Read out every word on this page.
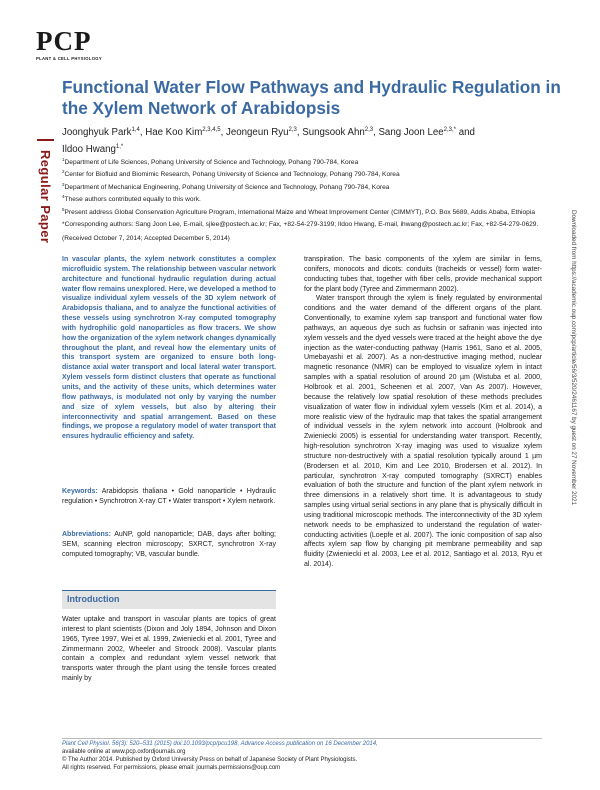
PCP
PLANT & CELL PHYSIOLOGY
Regular Paper
Downloaded from https://academic.oup.com/pcp/article/56/3/520/2461167 by guest on 27 November 2021
Functional Water Flow Pathways and Hydraulic Regulation in the Xylem Network of Arabidopsis
Joonghyuk Park$^{1,4}$, Hae Koo Kim$^{2,3,4,5}$, Jeongeun Ryu$^{2,3}$, Sungsook Ahn$^{2,3}$, Sang Joon Lee$^{2,3,*}$ and
Ildoo Hwang$^{1,*}$
$^1$Department of Life Sciences, Pohang University of Science and Technology, Pohang 790-784, Korea
$^2$Center for Biofluid and Biomimic Research, Pohang University of Science and Technology, Pohang 790-784, Korea
$^3$Department of Mechanical Engineering, Pohang University of Science and Technology, Pohang 790-784, Korea
$^4$These authors contributed equally to this work.
$^5$Present address Global Conservation Agriculture Program, International Maize and Wheat Improvement Center (CIMMYT), P.O. Box 5689, Addis Ababa, Ethiopia
*Corresponding authors: Sang Joon Lee, E-mail, sjlee@postech.ac.kr; Fax, +82-54-279-3199; Ildoo Hwang, E-mail, ihwang@postech.ac.kr; Fax, +82-54-279-0629.
(Received October 7, 2014; Accepted December 5, 2014)
In vascular plants, the xylem network constitutes a complex microfluidic system. The relationship between vascular network architecture and functional hydraulic regulation during actual water flow remains unexplored. Here, we developed a method to visualize individual xylem vessels of the 3D xylem network of Arabidopsis thaliana, and to analyze the functional activities of these vessels using synchrotron X-ray computed tomography with hydrophilic gold nanoparticles as flow tracers. We show how the organization of the xylem network changes dynamically throughout the plant, and reveal how the elementary units of this transport system are organized to ensure both long-distance axial water transport and local lateral water transport. Xylem vessels form distinct clusters that operate as functional units, and the activity of these units, which determines water flow pathways, is modulated not only by varying the number and size of xylem vessels, but also by altering their interconnectivity and spatial arrangement. Based on these findings, we propose a regulatory model of water transport that ensures hydraulic efficiency and safety.
Keywords: Arabidopsis thaliana • Gold nanoparticle • Hydraulic regulation • Synchrotron X-ray CT • Water transport • Xylem network.
Abbreviations: AuNP, gold nanoparticle; DAB, days after bolting; SEM, scanning electron microscopy; SXRCT, synchrotron X-ray computed tomography; VB, vascular bundle.
Introduction
Water uptake and transport in vascular plants are topics of great interest to plant scientists (Dixon and Joly 1894, Johnson and Dixon 1965, Tyree 1997, Wei et al. 1999, Zwieniecki et al. 2001, Tyree and Zimmermann 2002, Wheeler and Stroock 2008). Vascular plants contain a complex and redundant xylem vessel network that transports water through the plant using the tensile forces created mainly by

transpiration. The basic components of the xylem are similar in ferns, conifers, monocots and dicots: conduits (tracheids or vessel) form water-conducting tubes that, together with fiber cells, provide mechanical support for the plant body (Tyree and Zimmermann 2002).

Water transport through the xylem is finely regulated by environmental conditions and the water demand of the different organs of the plant. Conventionally, to examine xylem sap transport and functional water flow pathways, an aqueous dye such as fuchsin or safranin was injected into xylem vessels and the dyed vessels were traced at the height above the dye injection as the water-conducting pathway (Harris 1961, Sano et al. 2005, Umebayashi et al. 2007). As a non-destructive imaging method, nuclear magnetic resonance (NMR) can be employed to visualize xylem in intact samples with a spatial resolution of around 20 µm (Wistuba et al. 2000, Holbrook et al. 2001, Scheenen et al. 2007, Van As 2007). However, because the relatively low spatial resolution of these methods precludes visualization of water flow in individual xylem vessels (Kim et al. 2014), a more realistic view of the hydraulic map that takes the spatial arrangement of individual vessels in the xylem network into account (Holbrook and Zwieniecki 2005) is essential for understanding water transport. Recently, high-resolution synchrotron X-ray imaging was used to visualize xylem structure non-destructively with a spatial resolution typically around 1 µm (Brodersen et al. 2010, Kim and Lee 2010, Brodersen et al. 2012). In particular, synchrotron X-ray computed tomography (SXRCT) enables evaluation of both the structure and function of the plant xylem network in three dimensions in a relatively short time. It is advantageous to study samples using virtual serial sections in any plane that is physically difficult in using traditional microscopic methods. The interconnectivity of the 3D xylem network needs to be emphasized to understand the regulation of water-conducting activities (Loepfe et al. 2007). The ionic composition of sap also affects xylem sap flow by changing pit membrane permeability and sap fluidity (Zwieniecki et al. 2003, Lee et al. 2012, Santiago et al. 2013, Ryu et al. 2014).

Plant Cell Physiol. 56(3): 520–531 (2015) doi:10.1093/pcp/pcu198, Advance Access publication on 16 December 2014,
available online at www.pcp.oxfordjournals.org
© The Author 2014. Published by Oxford University Press on behalf of Japanese Society of Plant Physiologists.
All rights reserved. For permissions, please email: journals.permissions@oup.com
